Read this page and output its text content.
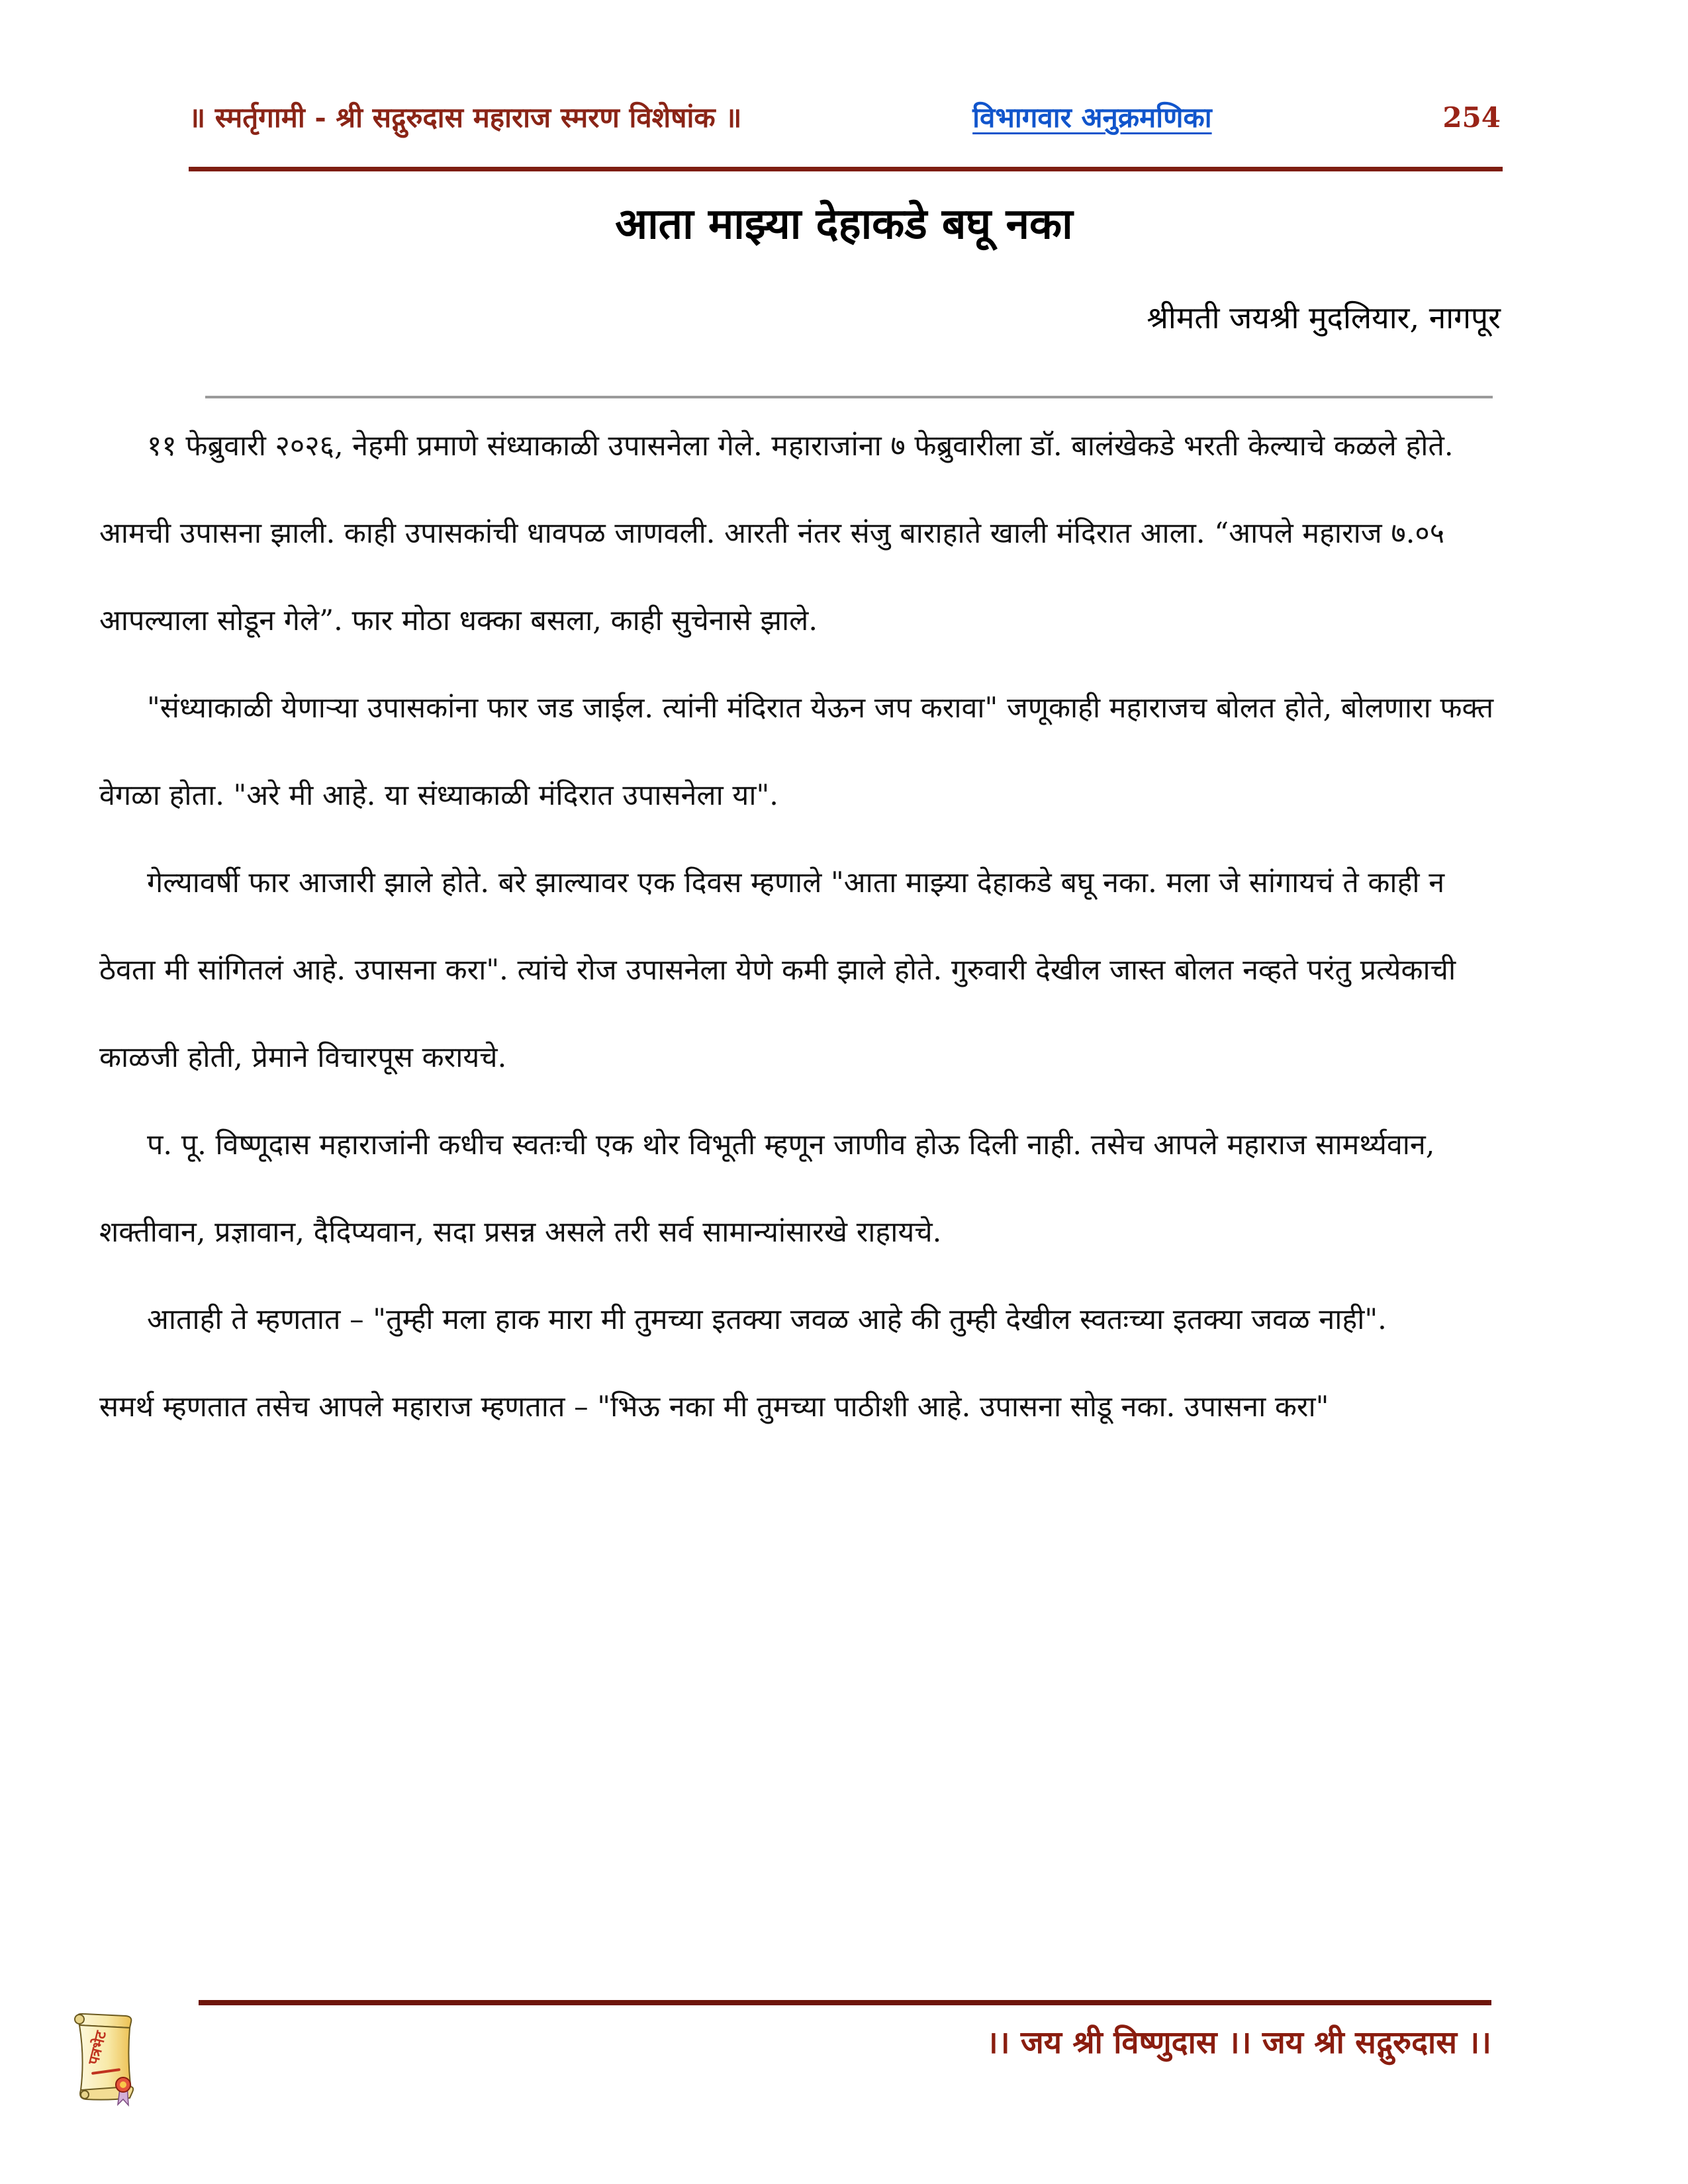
॥ स्मर्तृगामी - श्री सद्गुरुदास महाराज स्मरण विशेषांक ॥	विभागवार अनुक्रमणिका	254
आता माझ्या देहाकडे बघू नका
श्रीमती जयश्री मुदलियार, नागपूर

११ फेब्रुवारी २०२६, नेहमी प्रमाणे संध्याकाळी उपासनेला गेले. महाराजांना ७ फेब्रुवारीला डॉ. बालंखेकडे भरती केल्याचे कळले होते. आमची उपासना झाली. काही उपासकांची धावपळ जाणवली. आरती नंतर संजु बाराहाते खाली मंदिरात आला. “आपले महाराज ७.०५ आपल्याला सोडून गेले”. फार मोठा धक्का बसला, काही सुचेनासे झाले.

"संध्याकाळी येणाऱ्या उपासकांना फार जड जाईल. त्यांनी मंदिरात येऊन जप करावा" जणूकाही महाराजच बोलत होते, बोलणारा फक्त वेगळा होता. "अरे मी आहे. या संध्याकाळी मंदिरात उपासनेला या".

गेल्यावर्षी फार आजारी झाले होते. बरे झाल्यावर एक दिवस म्हणाले "आता माझ्या देहाकडे बघू नका. मला जे सांगायचं ते काही न ठेवता मी सांगितलं आहे. उपासना करा". त्यांचे रोज उपासनेला येणे कमी झाले होते. गुरुवारी देखील जास्त बोलत नव्हते परंतु प्रत्येकाची काळजी होती, प्रेमाने विचारपूस करायचे.

प. पू. विष्णूदास महाराजांनी कधीच स्वतःची एक थोर विभूती म्हणून जाणीव होऊ दिली नाही. तसेच आपले महाराज सामर्थ्यवान, शक्तीवान, प्रज्ञावान, दैदिप्यवान, सदा प्रसन्न असले तरी सर्व सामान्यांसारखे राहायचे.

आताही ते म्हणतात – "तुम्ही मला हाक मारा मी तुमच्या इतक्या जवळ आहे की तुम्ही देखील स्वतःच्या इतक्या जवळ नाही".

समर्थ म्हणतात तसेच आपले महाराज म्हणतात – "भिऊ नका मी तुमच्या पाठीशी आहे. उपासना सोडू नका. उपासना करा"

।। जय श्री विष्णुदास ।। जय श्री सद्गुरुदास ।।
पत्रभेट
